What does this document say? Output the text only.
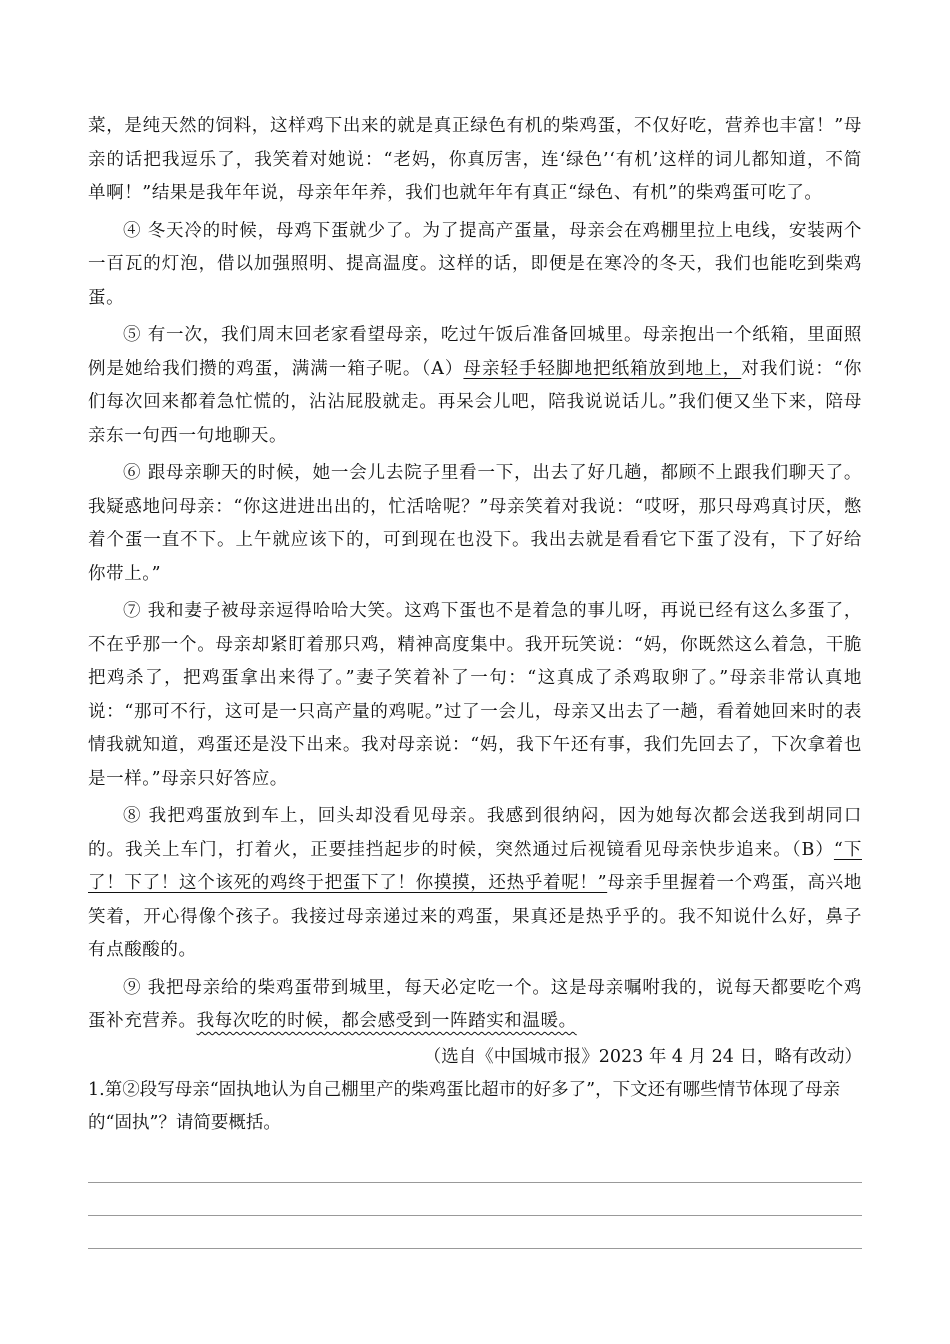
菜，是纯天然的饲料，这样鸡下出来的就是真正绿色有机的柴鸡蛋，不仅好吃，营养也丰富！”母亲的话把我逗乐了，我笑着对她说：“老妈，你真厉害，连‘绿色’‘有机’这样的词儿都知道，不简单啊！”结果是我年年说，母亲年年养，我们也就年年有真正“绿色、有机”的柴鸡蛋可吃了。

④ 冬天冷的时候，母鸡下蛋就少了。为了提高产蛋量，母亲会在鸡棚里拉上电线，安装两个一百瓦的灯泡，借以加强照明、提高温度。这样的话，即便是在寒冷的冬天，我们也能吃到柴鸡蛋。

⑤ 有一次，我们周末回老家看望母亲，吃过午饭后准备回城里。母亲抱出一个纸箱，里面照例是她给我们攒的鸡蛋，满满一箱子呢。（A）母亲轻手轻脚地把纸箱放到地上，对我们说：“你们每次回来都着急忙慌的，沾沾屁股就走。再呆会儿吧，陪我说说话儿。”我们便又坐下来，陪母亲东一句西一句地聊天。

⑥ 跟母亲聊天的时候，她一会儿去院子里看一下，出去了好几趟，都顾不上跟我们聊天了。我疑惑地问母亲：“你这进进出出的，忙活啥呢？”母亲笑着对我说：“哎呀，那只母鸡真讨厌，憋着个蛋一直不下。上午就应该下的，可到现在也没下。我出去就是看看它下蛋了没有，下了好给你带上。”

⑦ 我和妻子被母亲逗得哈哈大笑。这鸡下蛋也不是着急的事儿呀，再说已经有这么多蛋了，不在乎那一个。母亲却紧盯着那只鸡，精神高度集中。我开玩笑说：“妈，你既然这么着急，干脆把鸡杀了，把鸡蛋拿出来得了。”妻子笑着补了一句：“这真成了杀鸡取卵了。”母亲非常认真地说：“那可不行，这可是一只高产量的鸡呢。”过了一会儿，母亲又出去了一趟，看着她回来时的表情我就知道，鸡蛋还是没下出来。我对母亲说：“妈，我下午还有事，我们先回去了，下次拿着也是一样。”母亲只好答应。

⑧ 我把鸡蛋放到车上，回头却没看见母亲。我感到很纳闷，因为她每次都会送我到胡同口的。我关上车门，打着火，正要挂挡起步的时候，突然通过后视镜看见母亲快步追来。（B）“下了！下了！这个该死的鸡终于把蛋下了！你摸摸，还热乎着呢！”母亲手里握着一个鸡蛋，高兴地笑着，开心得像个孩子。我接过母亲递过来的鸡蛋，果真还是热乎乎的。我不知说什么好，鼻子有点酸酸的。

⑨ 我把母亲给的柴鸡蛋带到城里，每天必定吃一个。这是母亲嘱咐我的，说每天都要吃个鸡蛋补充营养。我每次吃的时候，都会感受到一阵踏实和温暖。

（选自《中国城市报》2023 年 4 月 24 日，略有改动）
1.第②段写母亲“固执地认为自己棚里产的柴鸡蛋比超市的好多了”，下文还有哪些情节体现了母亲的“固执”？请简要概括。
